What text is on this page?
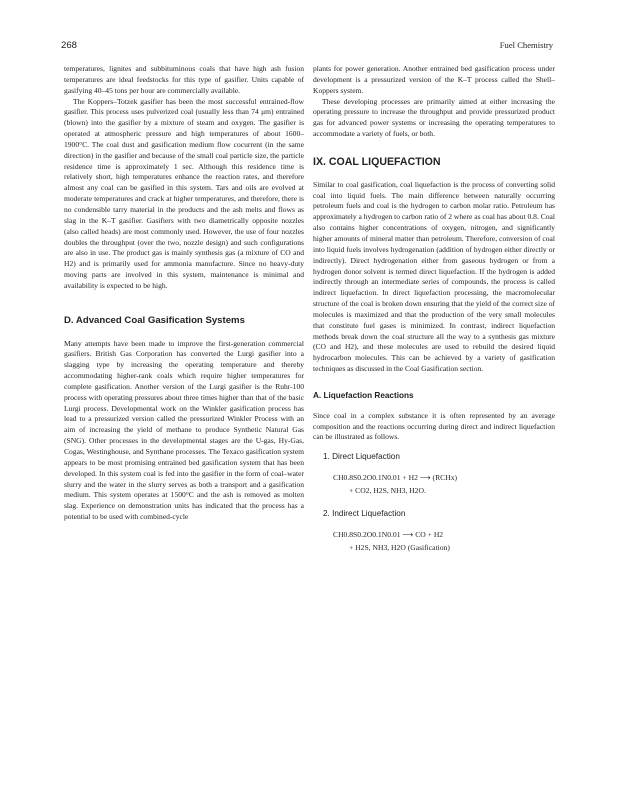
268	Fuel Chemistry

temperatures, lignites and subbituminous coals that have high ash fusion temperatures are ideal feedstocks for this type of gasifier. Units capable of gasifying 40–45 tons per hour are commercially available.

The Koppers–Totzek gasifier has been the most successful entrained-flow gasifier. This process uses pulverized coal (usually less than 74 μm) entrained (blown) into the gasifier by a mixture of steam and oxygen. The gasifier is operated at atmospheric pressure and high temperatures of about 1600–1900°C. The coal dust and gasification medium flow cocurrent (in the same direction) in the gasifier and because of the small coal particle size, the particle residence time is approximately 1 sec. Although this residence time is relatively short, high temperatures enhance the reaction rates, and therefore almost any coal can be gasified in this system. Tars and oils are evolved at moderate temperatures and crack at higher temperatures, and therefore, there is no condensible tarry material in the products and the ash melts and flows as slag in the K–T gasifier. Gasifiers with two diametrically opposite nozzles (also called heads) are most commonly used. However, the use of four nozzles doubles the throughput (over the two, nozzle design) and such configurations are also in use. The product gas is mainly synthesis gas (a mixture of CO and H2) and is primarily used for ammonia manufacture. Since no heavy-duty moving parts are involved in this system, maintenance is minimal and availability is expected to be high.

D. Advanced Coal Gasification Systems

Many attempts have been made to improve the first-generation commercial gasifiers. British Gas Corporation has converted the Lurgi gasifier into a slagging type by increasing the operating temperature and thereby accommodating higher-rank coals which require higher temperatures for complete gasification. Another version of the Lurgi gasifier is the Ruhr-100 process with operating pressures about three times higher than that of the basic Lurgi process. Developmental work on the Winkler gasification process has lead to a pressurized version called the pressurized Winkler Process with an aim of increasing the yield of methane to produce Synthetic Natural Gas (SNG). Other processes in the developmental stages are the U-gas, Hy-Gas, Cogas, Westinghouse, and Synthane processes. The Texaco gasification system appears to be most promising entrained bed gasification system that has been developed. In this system coal is fed into the gasifier in the form of coal–water slurry and the water in the slurry serves as both a transport and a gasification medium. This system operates at 1500°C and the ash is removed as molten slag. Experience on demonstration units has indicated that the process has a potential to be used with combined-cycle

plants for power generation. Another entrained bed gasification process under development is a pressurized version of the K–T process called the Shell–Koppers system.

These developing processes are primarily aimed at either increasing the operating pressure to increase the throughput and provide pressurized product gas for advanced power systems or increasing the operating temperatures to accommodate a variety of fuels, or both.

IX. COAL LIQUEFACTION

Similar to coal gasification, coal liquefaction is the process of converting solid coal into liquid fuels. The main difference between naturally occurring petroleum fuels and coal is the hydrogen to carbon molar ratio. Petroleum has approximately a hydrogen to carbon ratio of 2 where as coal has about 0.8. Coal also contains higher concentrations of oxygen, nitrogen, and significantly higher amounts of mineral matter than petroleum. Therefore, conversion of coal into liquid fuels involves hydrogenation (addition of hydrogen either directly or indirectly). Direct hydrogenation either from gaseous hydrogen or from a hydrogen donor solvent is termed direct liquefaction. If the hydrogen is added indirectly through an intermediate series of compounds, the process is called indirect liquefaction. In direct liquefaction processing, the macromolecular structure of the coal is broken down ensuring that the yield of the correct size of molecules is maximized and that the production of the very small molecules that constitute fuel gases is minimized. In contrast, indirect liquefaction methods break down the coal structure all the way to a synthesis gas mixture (CO and H2), and these molecules are used to rebuild the desired liquid hydrocarbon molecules. This can be achieved by a variety of gasification techniques as discussed in the Coal Gasification section.

A. Liquefaction Reactions

Since coal in a complex substance it is often represented by an average composition and the reactions occurring during direct and indirect liquefaction can be illustrated as follows.

1. Direct Liquefaction
CH0.8S0.2O0.1N0.01 + H2 ⟶ (RCHx)
+ CO2, H2S, NH3, H2O.
2. Indirect Liquefaction
CH0.8S0.2O0.1N0.01 ⟶ CO + H2
+ H2S, NH3, H2O (Gasification)
